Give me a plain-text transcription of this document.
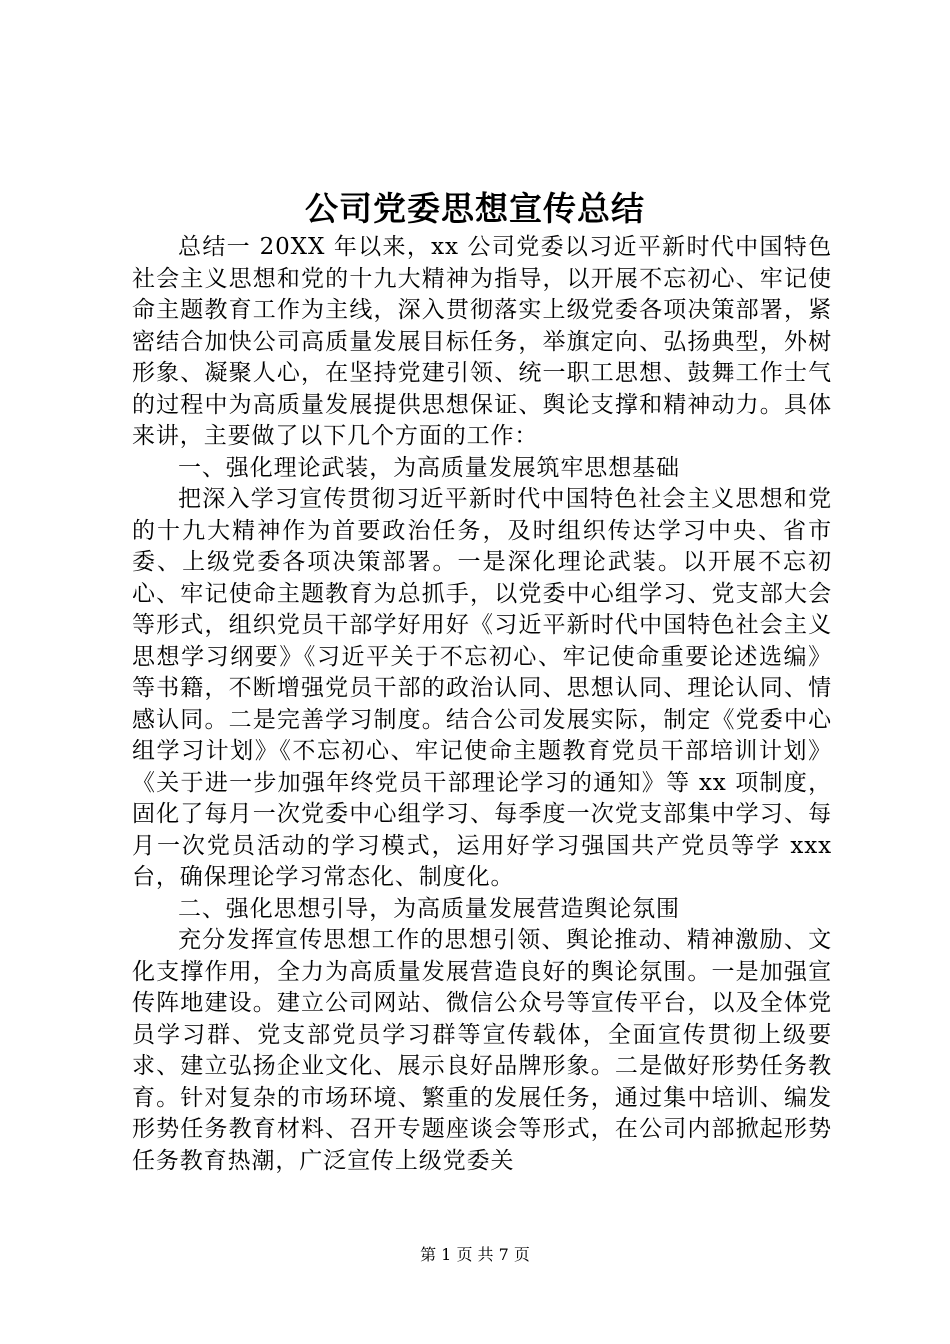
公司党委思想宣传总结

总结一 20XX 年以来，xx 公司党委以习近平新时代中国特色社会主义思想和党的十九大精神为指导，以开展不忘初心、牢记使命主题教育工作为主线，深入贯彻落实上级党委各项决策部署，紧密结合加快公司高质量发展目标任务，举旗定向、弘扬典型，外树形象、凝聚人心，在坚持党建引领、统一职工思想、鼓舞工作士气的过程中为高质量发展提供思想保证、舆论支撑和精神动力。具体来讲，主要做了以下几个方面的工作：

一、强化理论武装，为高质量发展筑牢思想基础

把深入学习宣传贯彻习近平新时代中国特色社会主义思想和党的十九大精神作为首要政治任务，及时组织传达学习中央、省市委、上级党委各项决策部署。一是深化理论武装。以开展不忘初心、牢记使命主题教育为总抓手，以党委中心组学习、党支部大会等形式，组织党员干部学好用好《习近平新时代中国特色社会主义思想学习纲要》《习近平关于不忘初心、牢记使命重要论述选编》等书籍，不断增强党员干部的政治认同、思想认同、理论认同、情感认同。二是完善学习制度。结合公司发展实际，制定《党委中心组学习计划》《不忘初心、牢记使命主题教育党员干部培训计划》《关于进一步加强年终党员干部理论学习的通知》等 xx 项制度，固化了每月一次党委中心组学习、每季度一次党支部集中学习、每月一次党员活动的学习模式，运用好学习强国共产党员等学 xxx 台，确保理论学习常态化、制度化。

二、强化思想引导，为高质量发展营造舆论氛围

充分发挥宣传思想工作的思想引领、舆论推动、精神激励、文化支撑作用，全力为高质量发展营造良好的舆论氛围。一是加强宣传阵地建设。建立公司网站、微信公众号等宣传平台，以及全体党员学习群、党支部党员学习群等宣传载体，全面宣传贯彻上级要求、建立弘扬企业文化、展示良好品牌形象。二是做好形势任务教育。针对复杂的市场环境、繁重的发展任务，通过集中培训、编发形势任务教育材料、召开专题座谈会等形式，在公司内部掀起形势任务教育热潮，广泛宣传上级党委关

第 1 页 共 7 页
